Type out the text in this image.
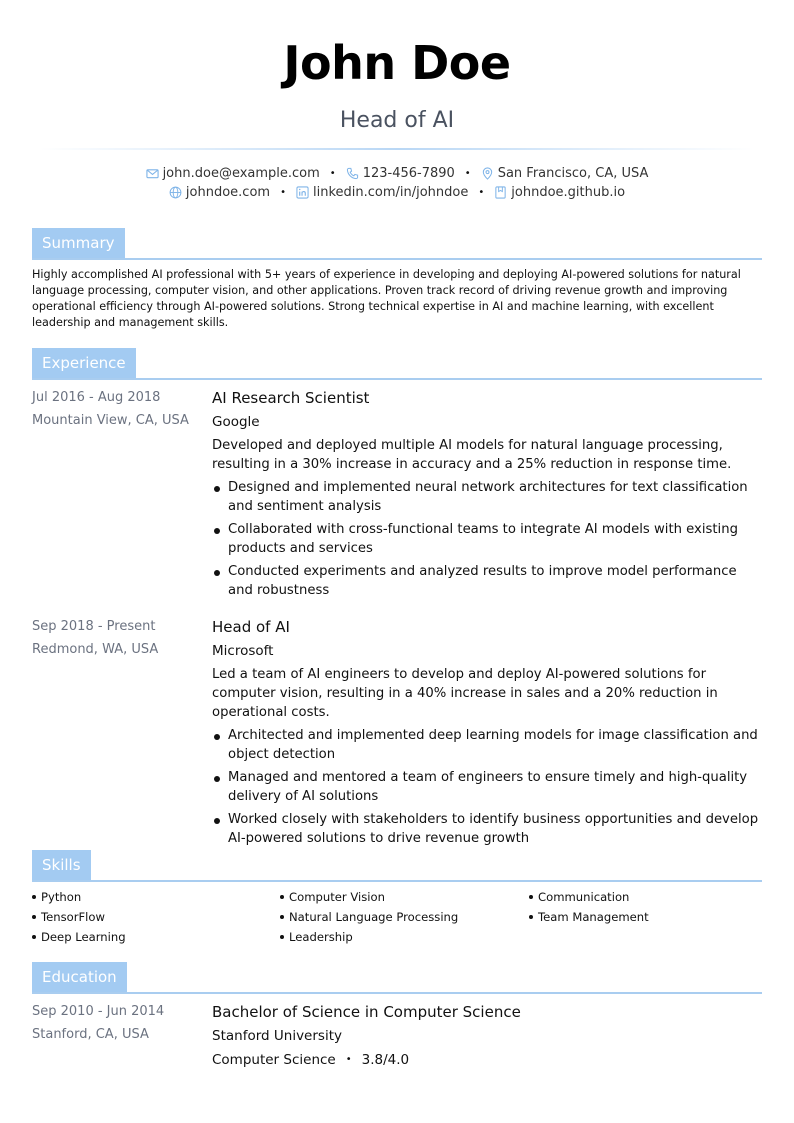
John Doe
Head of AI
john.doe@example.com • 123-456-7890 • San Francisco, CA, USA
johndoe.com • linkedin.com/in/johndoe • johndoe.github.io
Summary
Highly accomplished AI professional with 5+ years of experience in developing and deploying AI-powered solutions for natural language processing, computer vision, and other applications. Proven track record of driving revenue growth and improving operational efficiency through AI-powered solutions. Strong technical expertise in AI and machine learning, with excellent leadership and management skills.
Experience
Jul 2016 - Aug 2018
Mountain View, CA, USA
AI Research Scientist
Google
Developed and deployed multiple AI models for natural language processing, resulting in a 30% increase in accuracy and a 25% reduction in response time.
Designed and implemented neural network architectures for text classification and sentiment analysis
Collaborated with cross-functional teams to integrate AI models with existing products and services
Conducted experiments and analyzed results to improve model performance and robustness
Sep 2018 - Present
Redmond, WA, USA
Head of AI
Microsoft
Led a team of AI engineers to develop and deploy AI-powered solutions for computer vision, resulting in a 40% increase in sales and a 20% reduction in operational costs.
Architected and implemented deep learning models for image classification and object detection
Managed and mentored a team of engineers to ensure timely and high-quality delivery of AI solutions
Worked closely with stakeholders to identify business opportunities and develop AI-powered solutions to drive revenue growth
Skills
Python	Computer Vision	Communication
TensorFlow	Natural Language Processing	Team Management
Deep Learning	Leadership
Education
Sep 2010 - Jun 2014
Stanford, CA, USA
Bachelor of Science in Computer Science
Stanford University
Computer Science • 3.8/4.0
